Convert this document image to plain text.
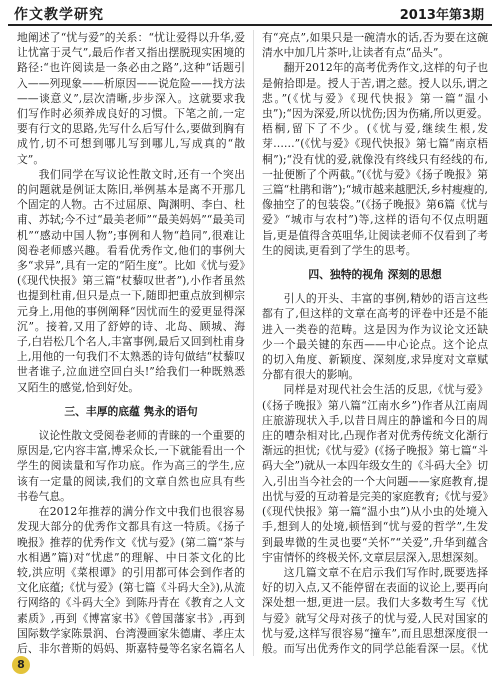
作文教学研究	2013年第3期

地阐述了“忧与爱”的关系：“忧让爱得以升华,爱让忧富于灵气”,最后作者又指出摆脱现实困境的路径:“也许阅读是一条必由之路”,这种“话题引入——列现象——析原因——说危险——找方法——谈意义”,层次清晰,步步深入。这就要求我们写作时必须养成良好的习惯。下笔之前,一定要有行文的思路,先写什么后写什么,要做到胸有成竹,切不可想到哪儿写到哪儿,写成真的“散文”。

我们同学在写议论性散文时,还有一个突出的问题就是例证太陈旧,举例基本是离不开那几个固定的人物。古不过屈原、陶渊明、李白、杜甫、苏轼;今不过“最美老师”“最美妈妈”“最美司机”“感动中国人物”;事例和人物“趋同”,很难让阅卷老师感兴趣。看看优秀作文,他们的事例大多“求异”,具有一定的“陌生度”。比如《忧与爱》(《现代快报》第三篇“杖藜叹世者”),小作者虽然也提到杜甫,但只是点一下,随即把重点放到柳宗元身上,用他的事例阐释“因忧而生的爱更显得深沉”。接着,又用了舒婷的诗、北岛、顾城、海子,白岩松几个名人,丰富事例,最后又回到杜甫身上,用他的一句我们不太熟悉的诗句做结“杖藜叹世者谁子,泣血迸空回白头!”给我们一种既熟悉又陌生的感觉,恰到好处。

三、丰厚的底蕴 隽永的语句

议论性散文受阅卷老师的青睐的一个重要的原因是,它内容丰富,博采众长,一下就能看出一个学生的阅读量和写作功底。作为高三的学生,应该有一定量的阅读,我们的文章自然也应具有些书卷气息。

在2012年推荐的满分作文中我们也很容易发现大部分的优秀作文都具有这一特质。《扬子晚报》推荐的优秀作文《忧与爱》(第二篇“茶与水相遇”篇)对“忧虑”的理解、中日茶文化的比较,洪应明《菜根谭》的引用都可体会到作者的文化底蕴;《忧与爱》(第七篇《斗码大全》),从流行网络的《斗码大全》到陈丹青在《教育之人文素质》,再到《博富家书》《曾国藩家书》,再到国际数学家陈景润、台湾漫画家朱德庸、孝庄太后、非尔普斯的妈妈、斯嘉特曼等名家名篇名人

有“亮点”,如果只是一碗清水的话,否为要在这碗清水中加几片茶叶,让读者有点“品头”。

翻开2012年的高考优秀作文,这样的句子也是俯拾即是。授人于苦,谓之慈。授人以乐,谓之悲。”(《忧与爱》《现代快报》第一篇“温小虫”);“因为深爱,所以忧伤;因为伤痛,所以更爱。梧桐,留下了不少。(《忧与爱,继续生根,发芽……”(《忧与爱》《现代快报》第七篇“南京梧桐”);“没有忧的爱,就像没有终线只有经线的布,一扯便断了个两截。”(《忧与爱》《扬子晚报》第三篇“杜鹃和谐”);“城市越来越肥沃,乡村瘦瘦的,像抽空了的包装袋。”(《扬子晚报》第6篇《忧与爱》“城市与农村”)等,这样的语句不仅点明题旨,更是值得含英咀华,让阅读老师不仅看到了考生的阅读,更看到了学生的思考。

四、独特的视角 深刻的思想

引人的开头、丰富的事例,精妙的语言这些都有了,但这样的文章在高考的评卷中还是不能进入一类卷的范畴。这是因为作为议论文还缺少一个最关键的东西——中心论点。这个论点的切入角度、新颖度、深刻度,求异度对文章赋分都有很大的影响。

同样是对现代社会生活的反思,《忧与爱》(《扬子晚报》第八篇“江南水乡”)作者从江南周庄旅游现状入手,以昔日周庄的静谧和今日的周庄的嘈杂相对比,凸现作者对优秀传统文化渐行渐远的担忧;《忧与爱》(《扬子晚报》第七篇“斗码大全”)就从一本四年级女生的《斗码大全》切入,引出当今社会的一个大问题——家庭教育,提出忧与爱的互动着是完美的家庭教育;《忧与爱》(《现代快报》第一篇“温小虫”)从小虫的处境入手,想到人的处境,顿悟到“忧与爱的哲学”,生发到最卑微的生灵也要“关怀”“关爱”,升华到蕴含宇宙情怀的终极关怀,文章层层深入,思想深刻。

这几篇文章不在启示我们写作时,既要选择好的切入点,又不能停留在表面的议论上,要再向深处想一想,更进一层。我们大多数考生写《忧与爱》就写父母对孩子的忧与爱,人民对国家的忧与爱,这样写很容易“撞车”,而且思想深度很一般。而写出优秀作文的同学总能看深一层。《忧

8
